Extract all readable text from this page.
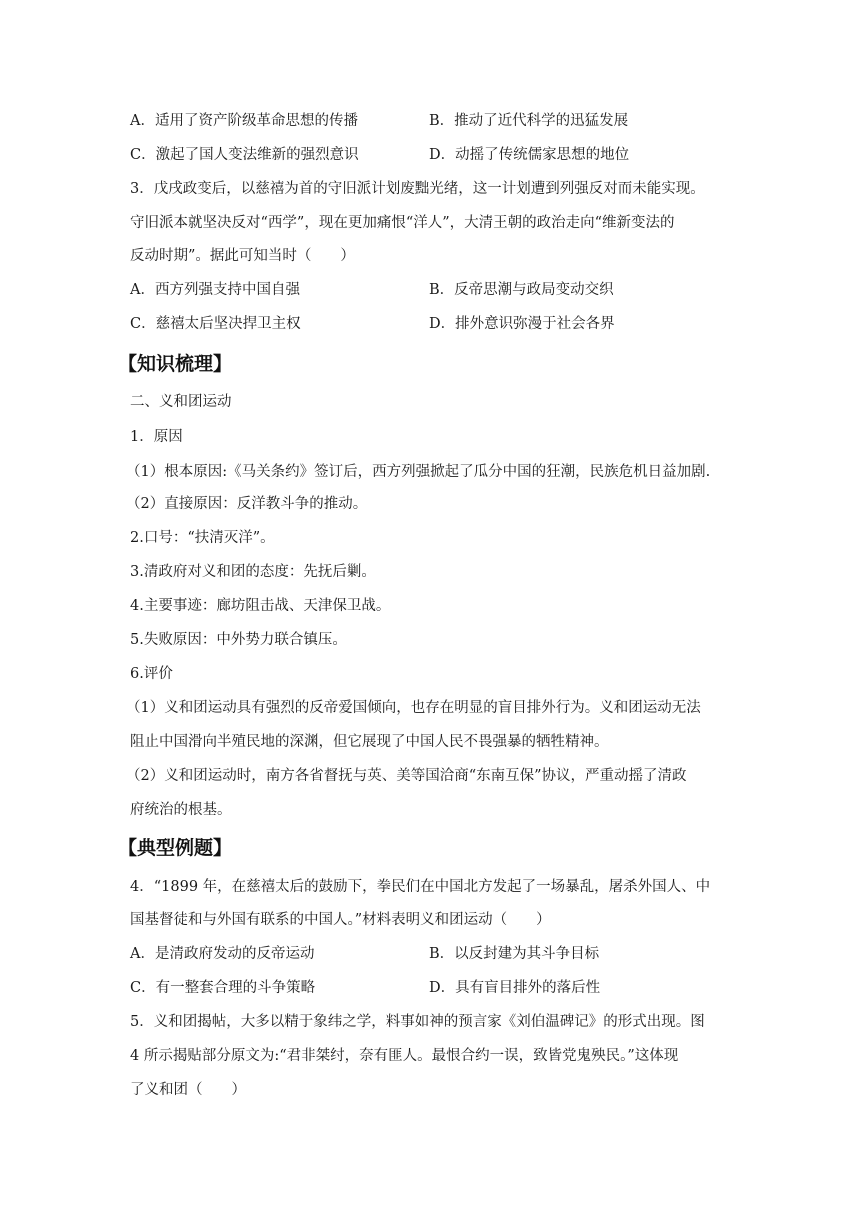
A．适用了资产阶级革命思想的传播	B．推动了近代科学的迅猛发展
C．激起了国人变法维新的强烈意识	D．动摇了传统儒家思想的地位
3．戊戌政变后，以慈禧为首的守旧派计划废黜光绪，这一计划遭到列强反对而未能实现。
守旧派本就坚决反对“西学”，现在更加痛恨“洋人”，大清王朝的政治走向“维新变法的
反动时期”。据此可知当时（　　）
A．西方列强支持中国自强	B．反帝思潮与政局变动交织
C．慈禧太后坚决捍卫主权	D．排外意识弥漫于社会各界
【知识梳理】
二、义和团运动
1．原因
（1）根本原因:《马关条约》签订后，西方列强掀起了瓜分中国的狂潮，民族危机日益加剧.
（2）直接原因：反洋教斗争的推动。
2.口号：“扶清灭洋”。
3.清政府对义和团的态度：先抚后剿。
4.主要事迹：廊坊阻击战、天津保卫战。
5.失败原因：中外势力联合镇压。
6.评价
（1）义和团运动具有强烈的反帝爱国倾向，也存在明显的盲目排外行为。义和团运动无法
阻止中国滑向半殖民地的深渊，但它展现了中国人民不畏强暴的牺牲精神。
（2）义和团运动时，南方各省督抚与英、美等国洽商“东南互保”协议，严重动摇了清政
府统治的根基。
【典型例题】
4．“1899 年，在慈禧太后的鼓励下，拳民们在中国北方发起了一场暴乱，屠杀外国人、中
国基督徒和与外国有联系的中国人。”材料表明义和团运动（　　）
A．是清政府发动的反帝运动	B．以反封建为其斗争目标
C．有一整套合理的斗争策略	D．具有盲目排外的落后性
5．义和团揭帖，大多以精于象纬之学，料事如神的预言家《刘伯温碑记》的形式出现。图
4 所示揭贴部分原文为:“君非桀纣，奈有匪人。最恨合约一误，致皆党鬼殃民。”这体现
了义和团（　　）
